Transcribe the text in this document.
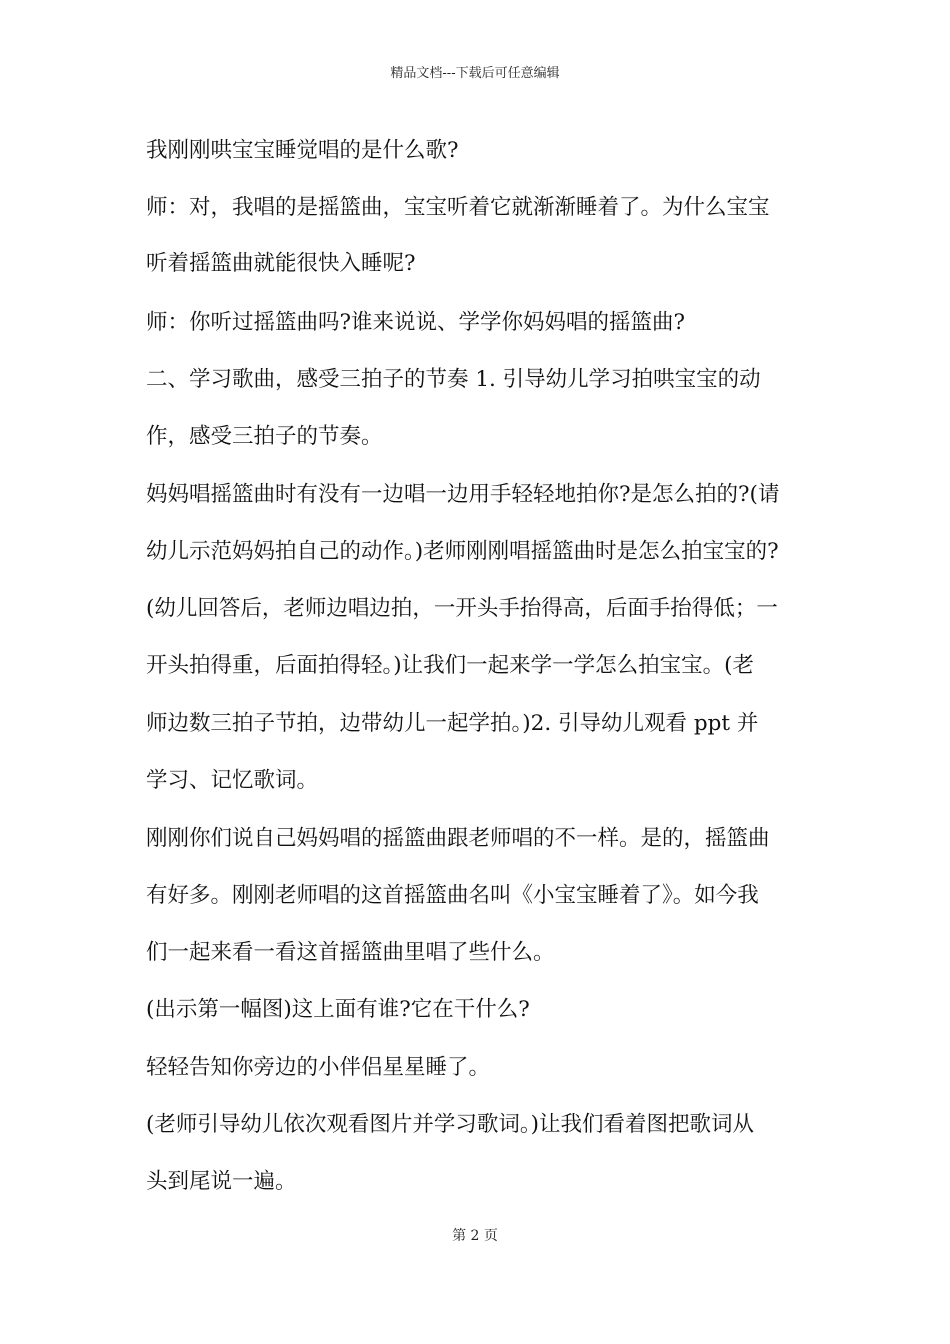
精品文档---下载后可任意编辑
我刚刚哄宝宝睡觉唱的是什么歌?
师：对，我唱的是摇篮曲，宝宝听着它就渐渐睡着了。为什么宝宝
听着摇篮曲就能很快入睡呢?
师：你听过摇篮曲吗?谁来说说、学学你妈妈唱的摇篮曲?
二、学习歌曲，感受三拍子的节奏 1. 引导幼儿学习拍哄宝宝的动
作，感受三拍子的节奏。
妈妈唱摇篮曲时有没有一边唱一边用手轻轻地拍你?是怎么拍的?(请
幼儿示范妈妈拍自己的动作。)老师刚刚唱摇篮曲时是怎么拍宝宝的?
(幼儿回答后，老师边唱边拍，一开头手抬得高，后面手抬得低；一
开头拍得重，后面拍得轻。)让我们一起来学一学怎么拍宝宝。(老
师边数三拍子节拍，边带幼儿一起学拍。)2. 引导幼儿观看 ppt 并
学习、记忆歌词。
刚刚你们说自己妈妈唱的摇篮曲跟老师唱的不一样。是的，摇篮曲
有好多。刚刚老师唱的这首摇篮曲名叫《小宝宝睡着了》。如今我
们一起来看一看这首摇篮曲里唱了些什么。
(出示第一幅图)这上面有谁?它在干什么?
轻轻告知你旁边的小伴侣星星睡了。
(老师引导幼儿依次观看图片并学习歌词。)让我们看着图把歌词从
头到尾说一遍。
第 2 页
